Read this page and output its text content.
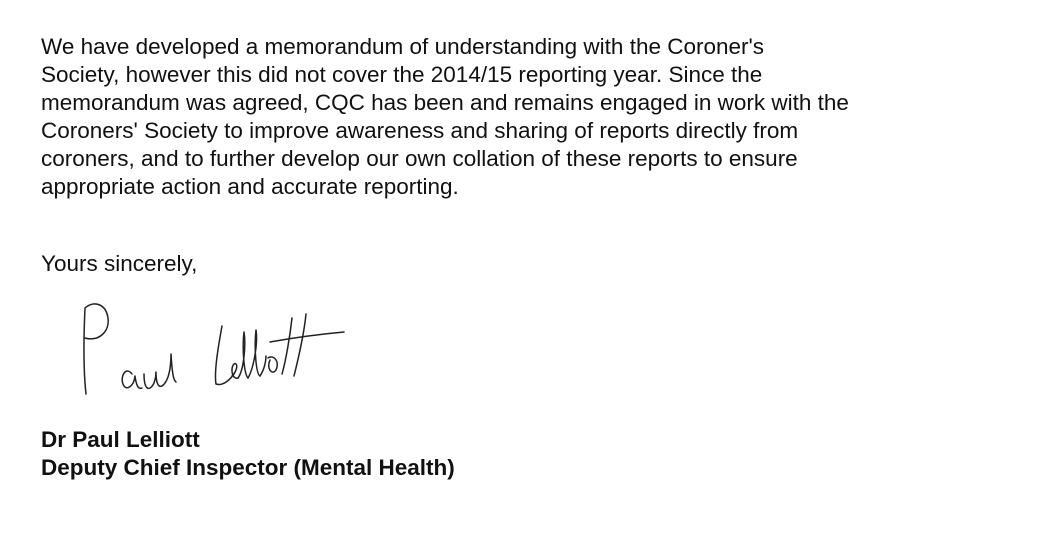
We have developed a memorandum of understanding with the Coroner's
Society, however this did not cover the 2014/15 reporting year. Since the
memorandum was agreed, CQC has been and remains engaged in work with the
Coroners' Society to improve awareness and sharing of reports directly from
coroners, and to further develop our own collation of these reports to ensure
appropriate action and accurate reporting.

Yours sincerely,

Dr Paul Lelliott
Deputy Chief Inspector (Mental Health)
